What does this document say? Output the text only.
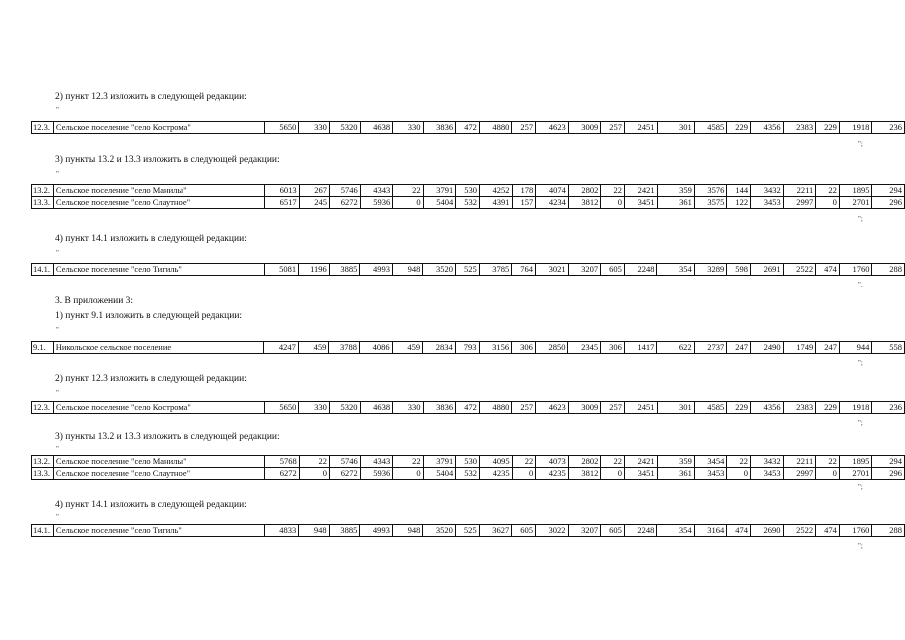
2) пункт 12.3 изложить в следующей редакции:
"
12.3.	Сельское поселение "село Кострома"	5650	330	5320	4638	330	3836	472	4880	257	4623	3009	257	2451	301	4585	229	4356	2383	229	1918	236
";
3) пункты 13.2 и 13.3 изложить в следующей редакции:
"
13.2.	Сельское поселение "село Манилы"	6013	267	5746	4343	22	3791	530	4252	178	4074	2802	22	2421	359	3576	144	3432	2211	22	1895	294
13.3.	Сельское поселение "село Слаутное"	6517	245	6272	5936	0	5404	532	4391	157	4234	3812	0	3451	361	3575	122	3453	2997	0	2701	296
";
4) пункт 14.1 изложить в следующей редакции:
"
14.1.	Сельское поселение "село Тигиль"	5081	1196	3885	4993	948	3520	525	3785	764	3021	3207	605	2248	354	3289	598	2691	2522	474	1760	288
".
3. В приложении 3:
1) пункт 9.1 изложить в следующей редакции:
"
9.1.	Никольское сельское поселение	4247	459	3788	4086	459	2834	793	3156	306	2850	2345	306	1417	622	2737	247	2490	1749	247	944	558
";
2) пункт 12.3 изложить в следующей редакции:
"
12.3.	Сельское поселение "село Кострома"	5650	330	5320	4638	330	3836	472	4880	257	4623	3009	257	2451	301	4585	229	4356	2383	229	1918	236
";
3) пункты 13.2 и 13.3 изложить в следующей редакции:
"
13.2.	Сельское поселение "село Манилы"	5768	22	5746	4343	22	3791	530	4095	22	4073	2802	22	2421	359	3454	22	3432	2211	22	1895	294
13.3.	Сельское поселение "село Слаутное"	6272	0	6272	5936	0	5404	532	4235	0	4235	3812	0	3451	361	3453	0	3453	2997	0	2701	296
";
4) пункт 14.1 изложить в следующей редакции:
"
14.1.	Сельское поселение "село Тигиль"	4833	948	3885	4993	948	3520	525	3627	605	3022	3207	605	2248	354	3164	474	2690	2522	474	1760	288
";
